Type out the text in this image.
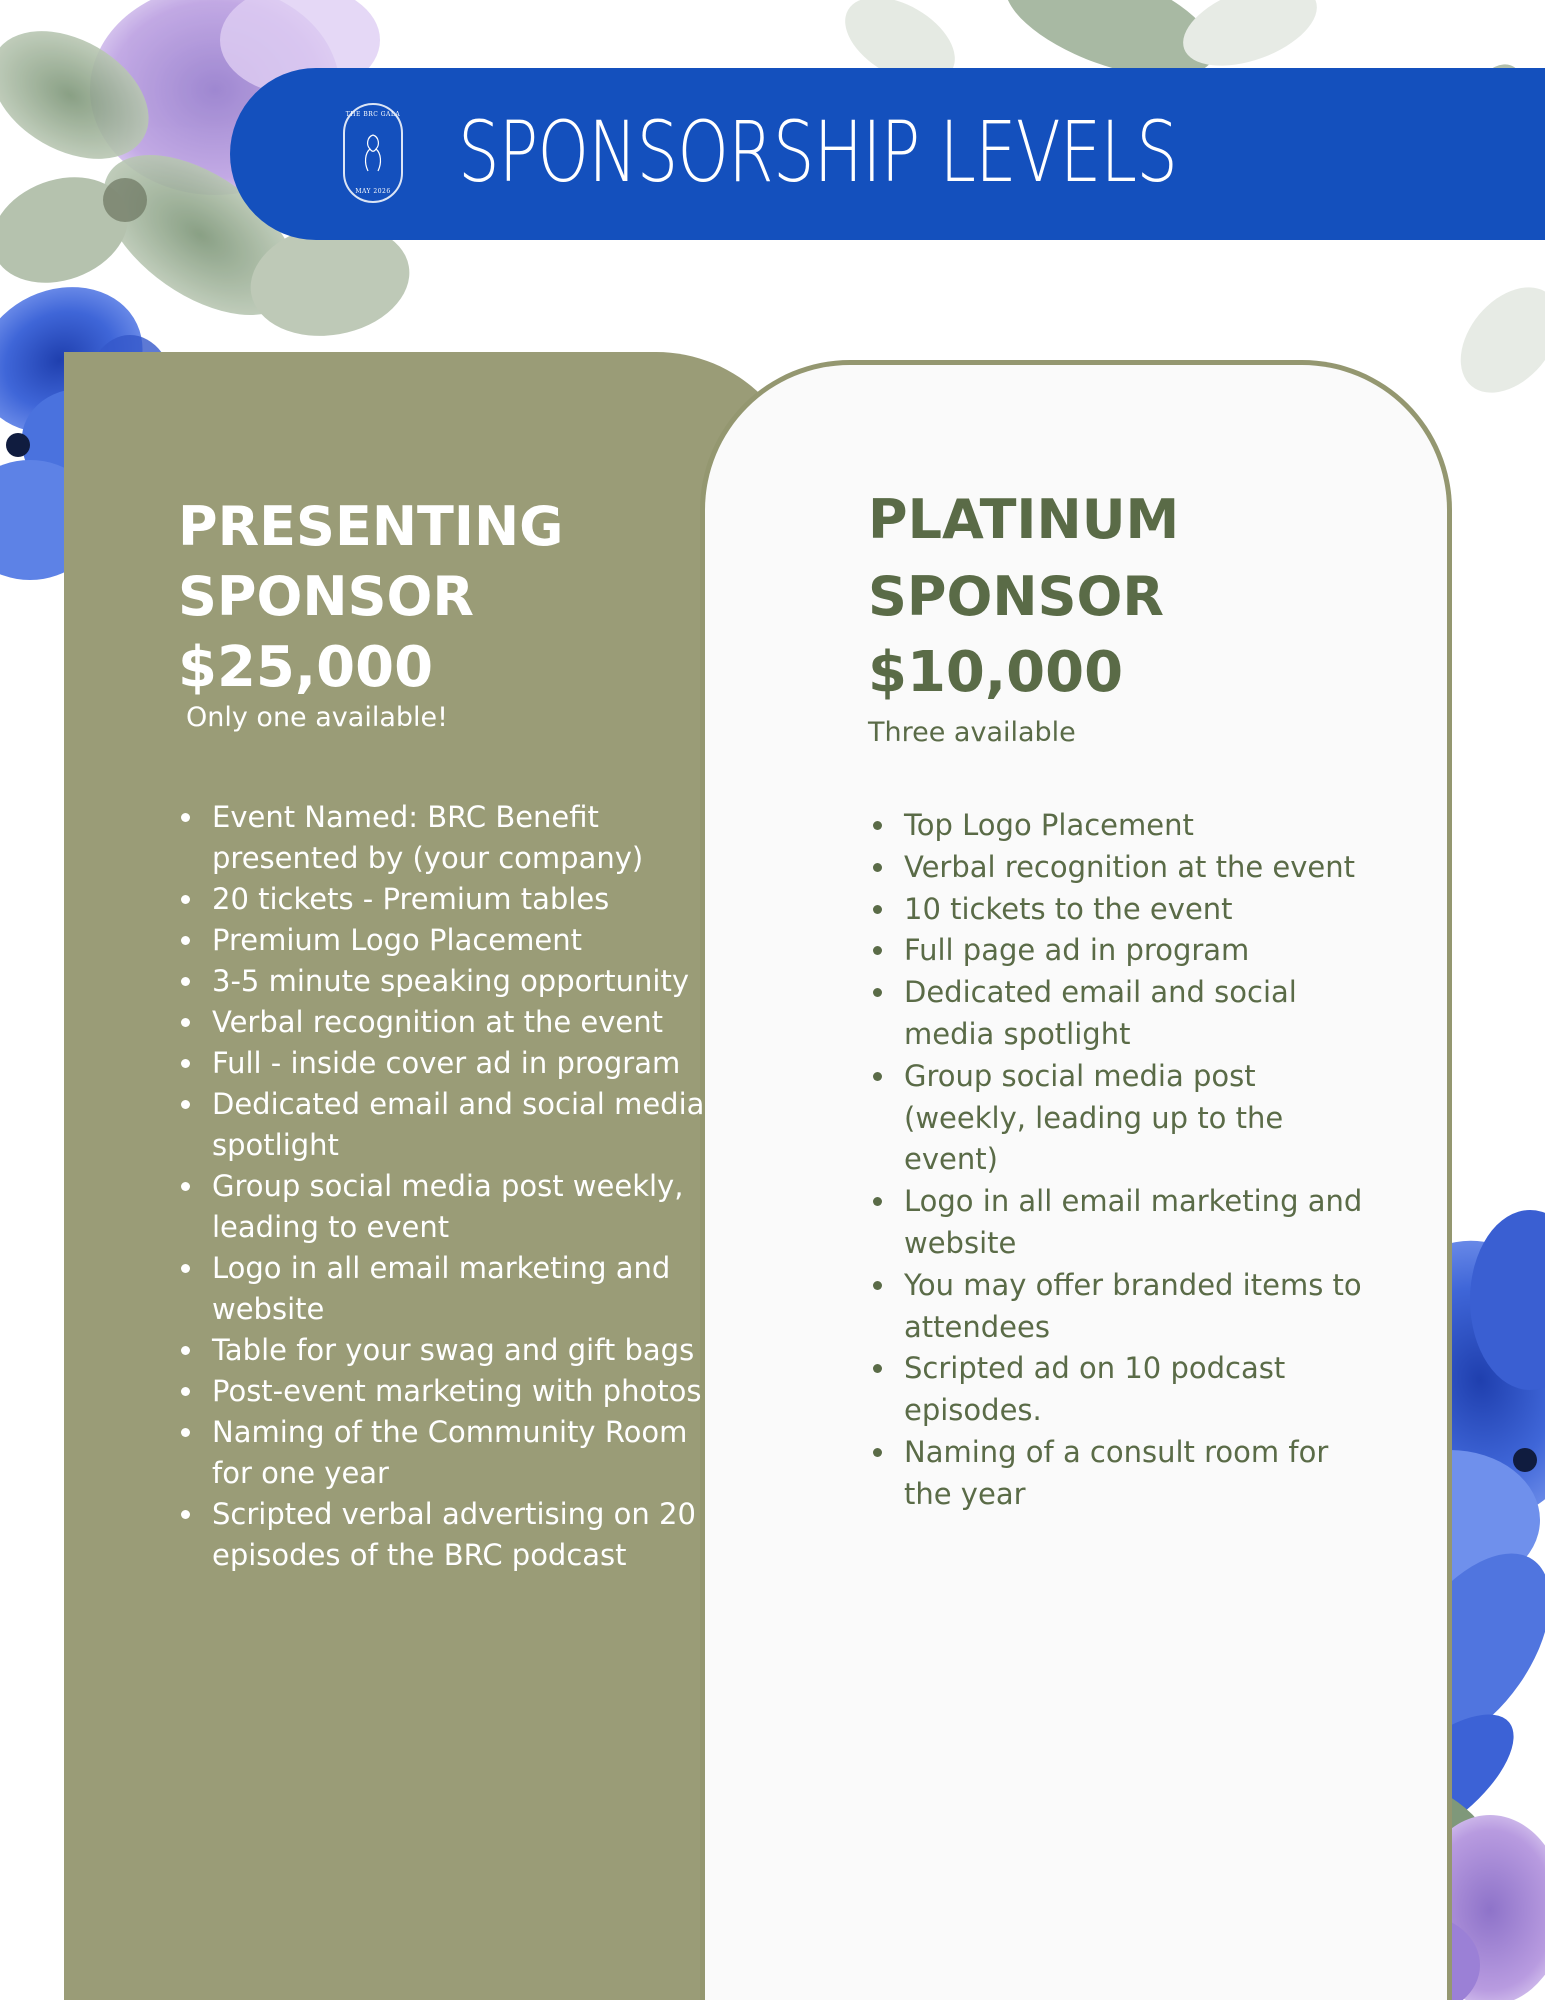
THE BRC GALA
MAY 2026 SPONSORSHIP LEVELS

PRESENTING

SPONSOR

$25,000

Only one available!

• Event Named: BRC Benefit presented by (your company)
• 20 tickets - Premium tables
• Premium Logo Placement
• 3-5 minute speaking opportunity
• Verbal recognition at the event
• Full - inside cover ad in program
• Dedicated email and social media spotlight
• Group social media post weekly, leading to event
• Logo in all email marketing and website
• Table for your swag and gift bags
• Post-event marketing with photos
• Naming of the Community Room for one year
• Scripted verbal advertising on 20 episodes of the BRC podcast

PLATINUM

SPONSOR

$10,000

Three available

• Top Logo Placement
• Verbal recognition at the event
• 10 tickets to the event
• Full page ad in program
• Dedicated email and social media spotlight
• Group social media post (weekly, leading up to the event)
• Logo in all email marketing and website
• You may offer branded items to attendees
• Scripted ad on 10 podcast episodes.
• Naming of a consult room for the year
